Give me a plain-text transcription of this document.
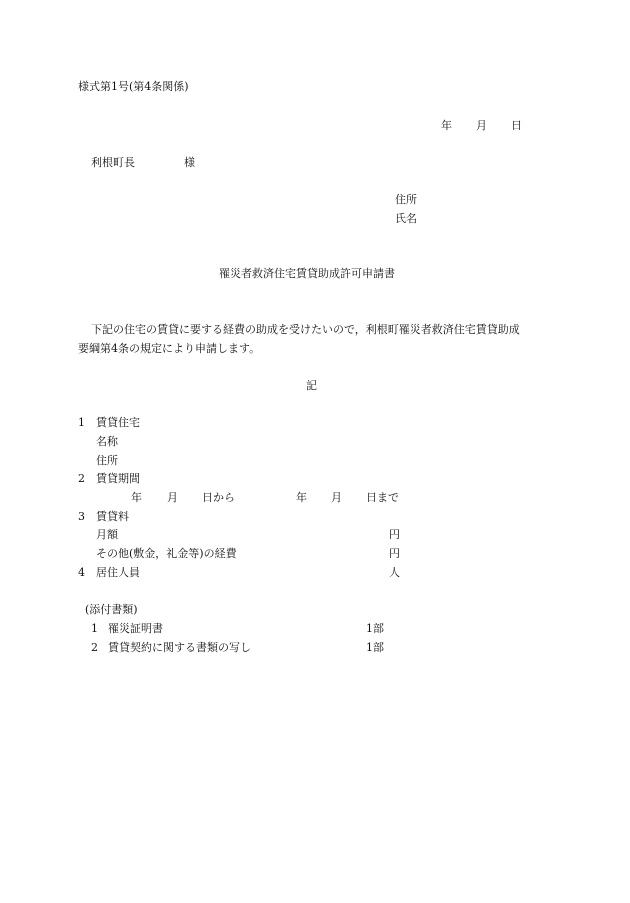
様式第1号(第4条関係)
年 月 日
利根町長	様
住所
氏名
罹災者救済住宅賃貸助成許可申請書
下記の住宅の賃貸に要する経費の助成を受けたいので，利根町罹災者救済住宅賃貸助成
要綱第4条の規定により申請します。
記
1 賃貸住宅
名称
住所
2 賃貸期間
年 月 日から	年 月 日まで
3 賃貸料
月額	円
その他(敷金，礼金等)の経費	円
4 居住人員	人
(添付書類)
1 罹災証明書	1部
2 賃貸契約に関する書類の写し	1部
